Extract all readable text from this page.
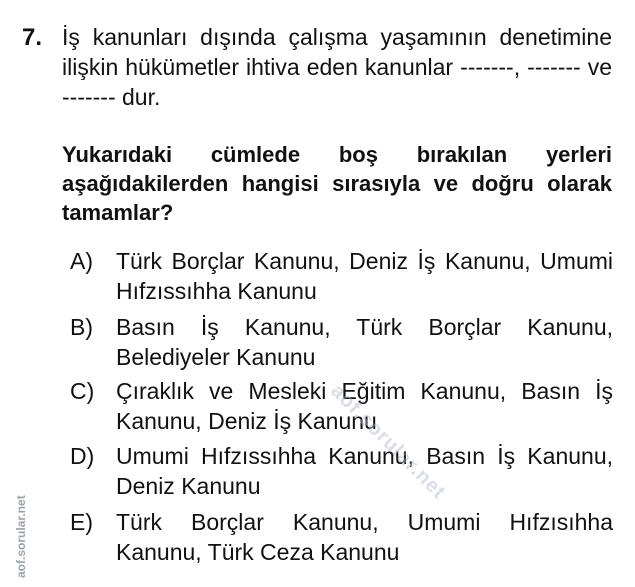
7. İş kanunları dışında çalışma yaşamının denetimine ilişkin hükümetler ihtiva eden kanunlar -------, ------- ve ------- dur.
Yukarıdaki cümlede boş bırakılan yerleri aşağıdakilerden hangisi sırasıyla ve doğru olarak tamamlar?
A)	Türk Borçlar Kanunu, Deniz İş Kanunu, Umumi Hıfzıssıhha Kanunu
B)	Basın İş Kanunu, Türk Borçlar Kanunu, Belediyeler Kanunu
C) Çıraklık ve Mesleki Eğitim Kanunu, Basın İş Kanunu, Deniz İş Kanunu
D) Umumi Hıfzıssıhha Kanunu, Basın İş Kanunu, Deniz Kanunu
E)	Türk Borçlar Kanunu, Umumi Hıfzısıhha Kanunu, Türk Ceza Kanunu
aof.sorular.net
aof.sorular.net
